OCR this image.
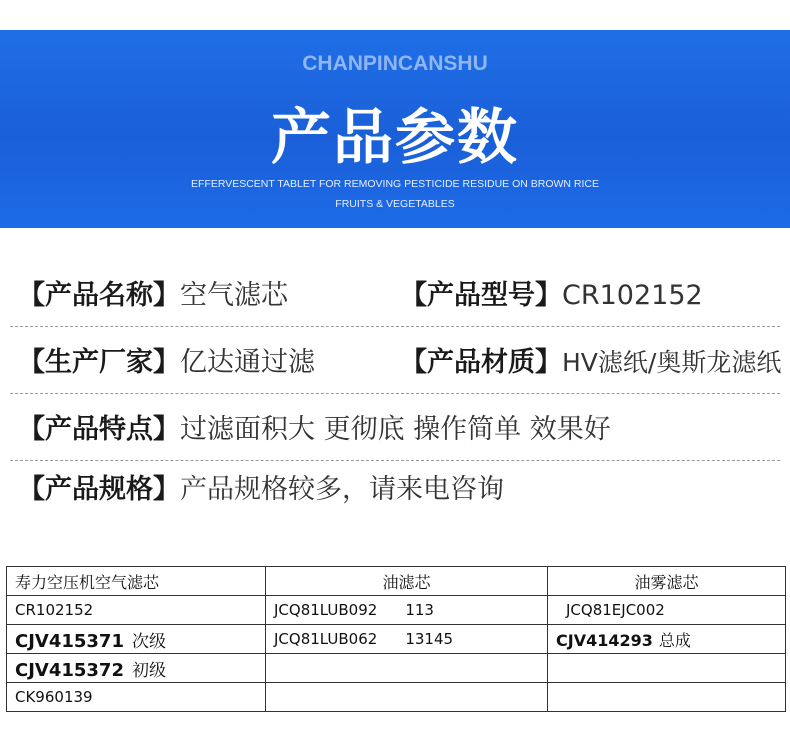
CHANPINCANSHU
产品参数
EFFERVESCENT TABLET FOR REMOVING PESTICIDE RESIDUE ON BROWN RICE
FRUITS & VEGETABLES
【产品名称】空气滤芯	【产品型号】CR102152
【生产厂家】亿达通过滤	【产品材质】HV滤纸/奥斯龙滤纸
【产品特点】过滤面积大 更彻底 操作简单 效果好
【产品规格】产品规格较多，请来电咨询
寿力空压机空气滤芯	油滤芯	油雾滤芯
CR102152	JCQ81LUB092 113	JCQ81EJC002
CJV415371 次级	JCQ81LUB062 13145	CJV414293 总成
CJV415372 初级		
CK960139		
